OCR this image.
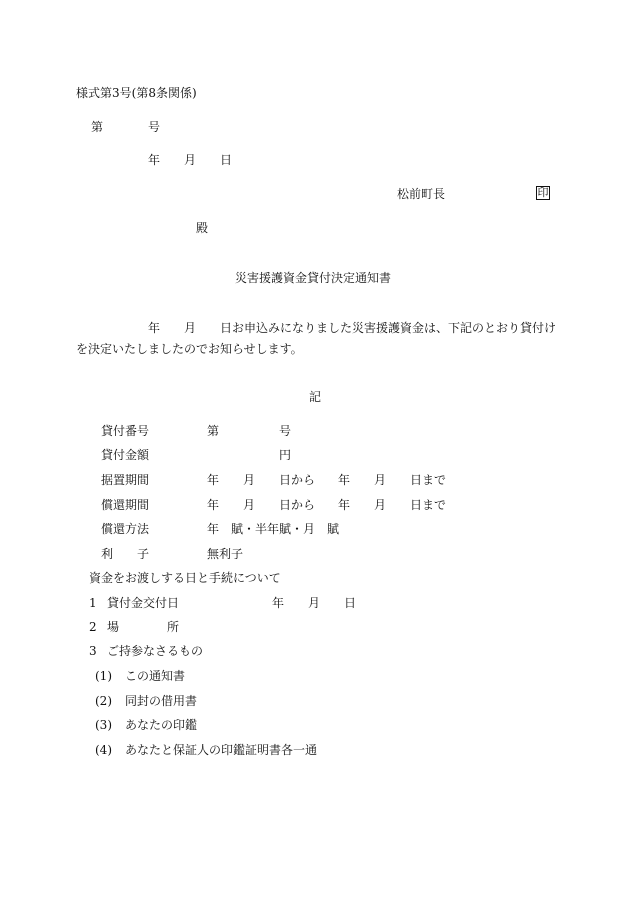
様式第3号(第8条関係)
第	号
年 月 日
松前町長	印
殿
災害援護資金貸付決定通知書
年 月 日お申込みになりました災害援護資金は、下記のとおり貸付け
を決定いたしましたのでお知らせします。
記
貸付番号	第	号
貸付金額	円
据置期間	年 月 日から 年 月 日まで
償還期間	年 月 日から 年 月 日まで
償還方法	年　賦・半年賦・月　賦
利　　子	無利子
資金をお渡しする日と手続について
1 貸付金交付日	年 月 日
2 場　　　　所
3 ご持参なさるもの
(1) この通知書
(2) 同封の借用書
(3) あなたの印鑑
(4) あなたと保証人の印鑑証明書各一通
